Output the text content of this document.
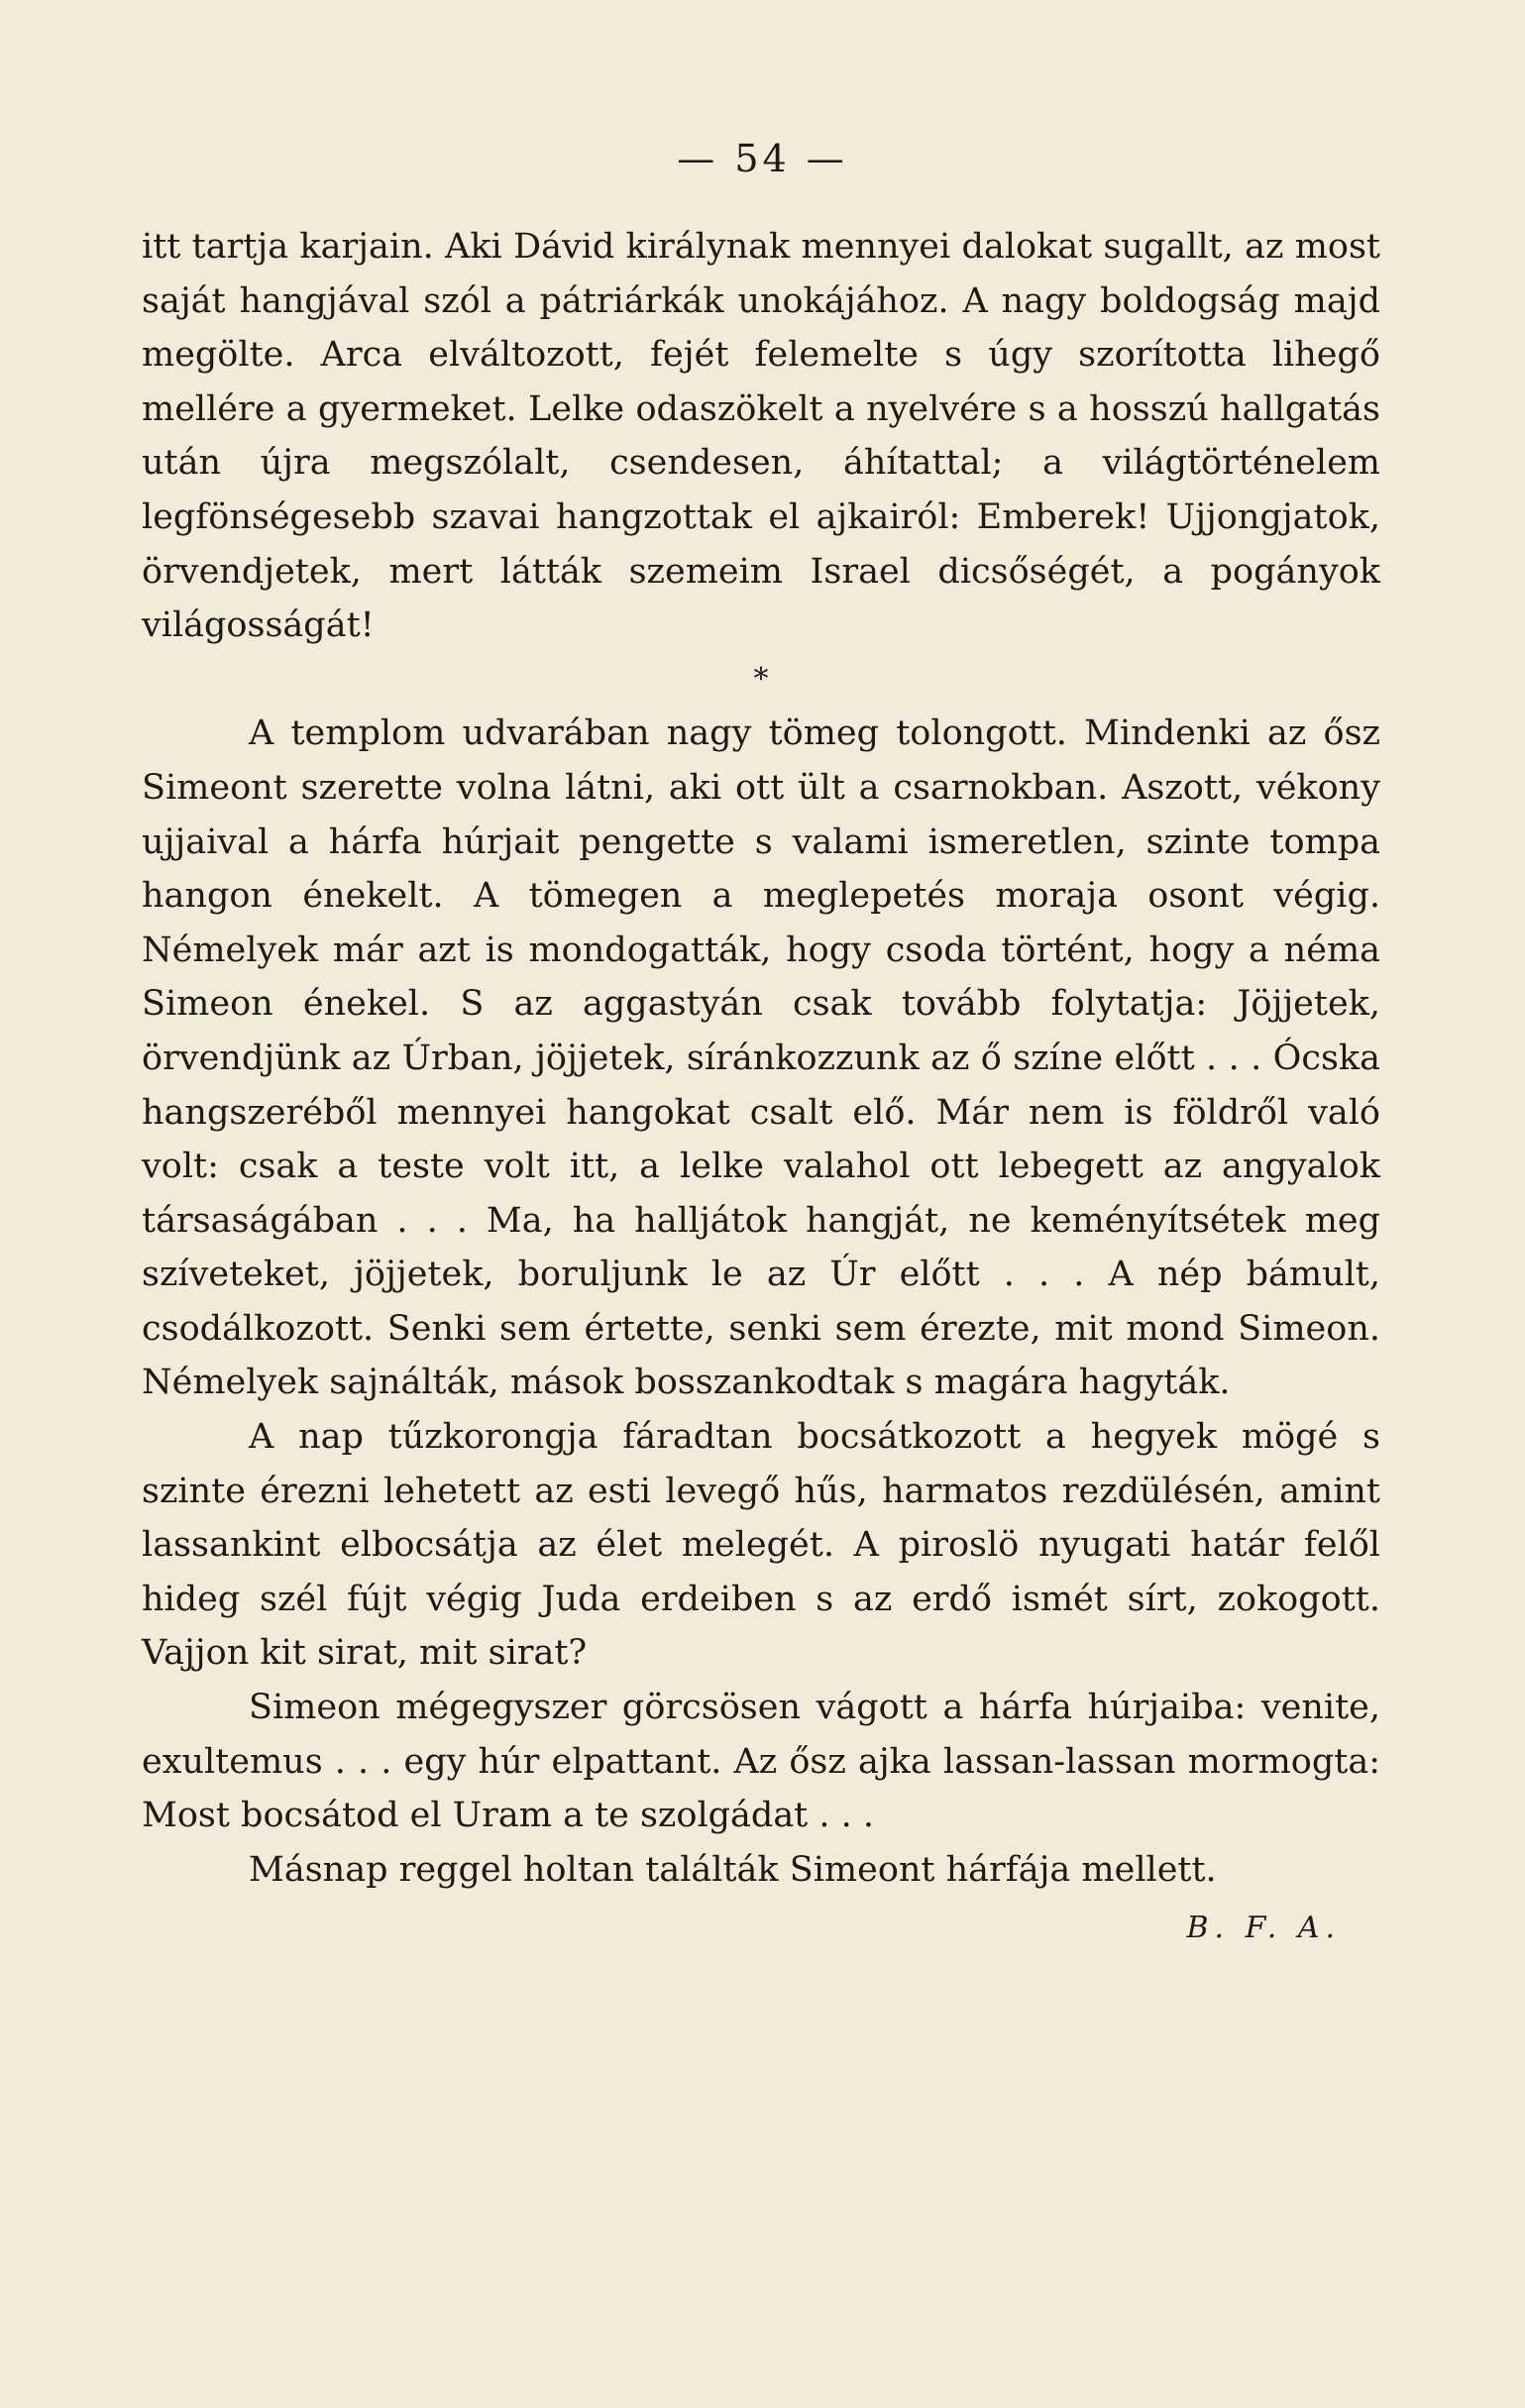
— 54 —

itt tartja karjain. Aki Dávid királynak mennyei dalokat sugallt, az most saját hangjával szól a pátriárkák unokájához. A nagy boldogság majd megölte. Arca elváltozott, fejét felemelte s úgy szorította lihegő mellére a gyermeket. Lelke odaszökelt a nyelvére s a hosszú hallgatás után újra megszólalt, csendesen, áhítattal; a világtörténelem legfönségesebb szavai hangzottak el ajkairól: Emberek! Ujjongjatok, örvendjetek, mert látták szemeim Israel dicsőségét, a pogányok világosságát!

*

A templom udvarában nagy tömeg tolongott. Mindenki az ősz Simeont szerette volna látni, aki ott ült a csarnokban. Aszott, vékony ujjaival a hárfa húrjait pengette s valami ismeretlen, szinte tompa hangon énekelt. A tömegen a meglepetés moraja osont végig. Némelyek már azt is mondogatták, hogy csoda történt, hogy a néma Simeon énekel. S az aggastyán csak tovább folytatja: Jöjjetek, örvendjünk az Úrban, jöjjetek, síránkozzunk az ő színe előtt . . . Ócska hangszeréből mennyei hangokat csalt elő. Már nem is földről való volt: csak a teste volt itt, a lelke valahol ott lebegett az angyalok társaságában . . . Ma, ha halljátok hangját, ne keményítsétek meg szíveteket, jöjjetek, boruljunk le az Úr előtt . . . A nép bámult, csodálkozott. Senki sem értette, senki sem érezte, mit mond Simeon. Némelyek sajnálták, mások bosszankodtak s magára hagyták.

A nap tűzkorongja fáradtan bocsátkozott a hegyek mögé s szinte érezni lehetett az esti levegő hűs, harmatos rezdülésén, amint lassankint elbocsátja az élet melegét. A piroslö nyugati határ felől hideg szél fújt végig Juda erdeiben s az erdő ismét sírt, zokogott. Vajjon kit sirat, mit sirat?

Simeon mégegyszer görcsösen vágott a hárfa húrjaiba: venite, exultemus . . . egy húr elpattant. Az ősz ajka lassan-lassan mormogta: Most bocsátod el Uram a te szolgádat . . .

Másnap reggel holtan találták Simeont hárfája mellett.

B. F. A.
